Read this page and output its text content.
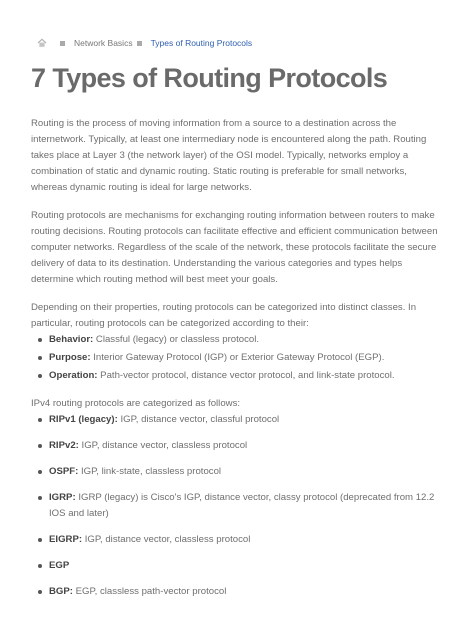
Network Basics Types of Routing Protocols
7 Types of Routing Protocols

Routing is the process of moving information from a source to a destination across the internetwork. Typically, at least one intermediary node is encountered along the path. Routing takes place at Layer 3 (the network layer) of the OSI model. Typically, networks employ a combination of static and dynamic routing. Static routing is preferable for small networks, whereas dynamic routing is ideal for large networks.

Routing protocols are mechanisms for exchanging routing information between routers to make routing decisions. Routing protocols can facilitate effective and efficient communication between computer networks. Regardless of the scale of the network, these protocols facilitate the secure delivery of data to its destination. Understanding the various categories and types helps determine which routing method will best meet your goals.

Depending on their properties, routing protocols can be categorized into distinct classes. In particular, routing protocols can be categorized according to their:

Behavior: Classful (legacy) or classless protocol.
Purpose: Interior Gateway Protocol (IGP) or Exterior Gateway Protocol (EGP).
Operation: Path-vector protocol, distance vector protocol, and link-state protocol.

IPv4 routing protocols are categorized as follows:

RIPv1 (legacy): IGP, distance vector, classful protocol
RIPv2: IGP, distance vector, classless protocol
OSPF: IGP, link-state, classless protocol
IGRP: IGRP (legacy) is Cisco's IGP, distance vector, classy protocol (deprecated from 12.2 IOS and later)
EIGRP: IGP, distance vector, classless protocol
EGP
BGP: EGP, classless path-vector protocol
